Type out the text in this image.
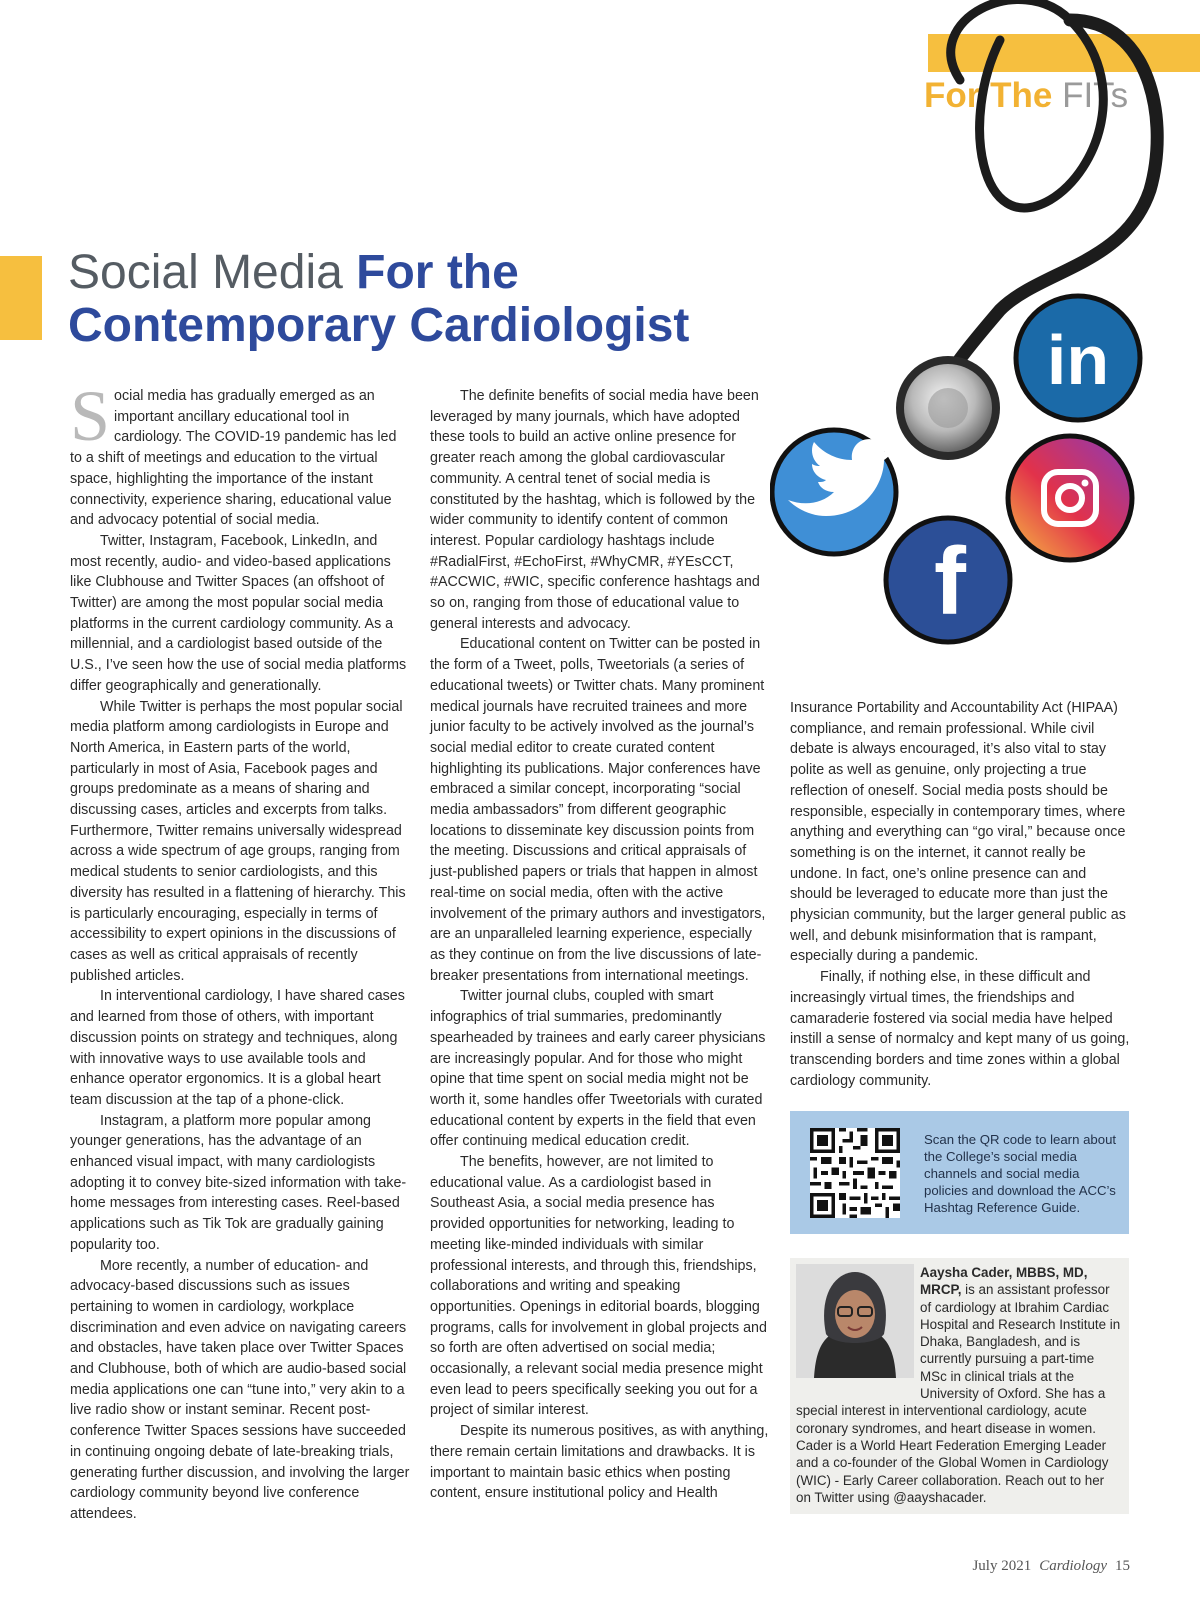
For The FITs
in
f
Social Media For the
Contemporary Cardiologist

Social media has gradually emerged as an important ancillary educational tool in cardiology. The COVID-19 pandemic has led to a shift of meetings and education to the virtual space, highlighting the importance of the instant connectivity, experience sharing, educational value and advocacy potential of social media.

Twitter, Instagram, Facebook, LinkedIn, and most recently, audio- and video-based applications like Clubhouse and Twitter Spaces (an offshoot of Twitter) are among the most popular social media platforms in the current cardiology community. As a millennial, and a cardiologist based outside of the U.S., I’ve seen how the use of social media platforms differ geographically and generationally.

While Twitter is perhaps the most popular social media platform among cardiologists in Europe and North America, in Eastern parts of the world, particularly in most of Asia, Facebook pages and groups predominate as a means of sharing and discussing cases, articles and excerpts from talks. Furthermore, Twitter remains universally widespread across a wide spectrum of age groups, ranging from medical students to senior cardiologists, and this diversity has resulted in a flattening of hierarchy. This is particularly encouraging, especially in terms of accessibility to expert opinions in the discussions of cases as well as critical appraisals of recently published articles.

In interventional cardiology, I have shared cases and learned from those of others, with important discussion points on strategy and techniques, along with innovative ways to use available tools and enhance operator ergonomics. It is a global heart team discussion at the tap of a phone-click.

Instagram, a platform more popular among younger generations, has the advantage of an enhanced visual impact, with many cardiologists adopting it to convey bite-sized information with take-home messages from interesting cases. Reel-based applications such as Tik Tok are gradually gaining popularity too.

More recently, a number of education- and advocacy-based discussions such as issues pertaining to women in cardiology, workplace discrimination and even advice on navigating careers and obstacles, have taken place over Twitter Spaces and Clubhouse, both of which are audio-based social media applications one can “tune into,” very akin to a live radio show or instant seminar. Recent post-conference Twitter Spaces sessions have succeeded in continuing ongoing debate of late-breaking trials, generating further discussion, and involving the larger cardiology community beyond live conference attendees.

The definite benefits of social media have been leveraged by many journals, which have adopted these tools to build an active online presence for greater reach among the global cardiovascular community. A central tenet of social media is constituted by the hashtag, which is followed by the wider community to identify content of common interest. Popular cardiology hashtags include #RadialFirst, #EchoFirst, #WhyCMR, #YEsCCT, #ACCWIC, #WIC, specific conference hashtags and so on, ranging from those of educational value to general interests and advocacy.

Educational content on Twitter can be posted in the form of a Tweet, polls, Tweetorials (a series of educational tweets) or Twitter chats. Many prominent medical journals have recruited trainees and more junior faculty to be actively involved as the journal’s social medial editor to create curated content highlighting its publications. Major conferences have embraced a similar concept, incorporating “social media ambassadors” from different geographic locations to disseminate key discussion points from the meeting. Discussions and critical appraisals of just-published papers or trials that happen in almost real-time on social media, often with the active involvement of the primary authors and investigators, are an unparalleled learning experience, especially as they continue on from the live discussions of late-breaker presentations from international meetings.

Twitter journal clubs, coupled with smart infographics of trial summaries, predominantly spearheaded by trainees and early career physicians are increasingly popular. And for those who might opine that time spent on social media might not be worth it, some handles offer Tweetorials with curated educational content by experts in the field that even offer continuing medical education credit.

The benefits, however, are not limited to educational value. As a cardiologist based in Southeast Asia, a social media presence has provided opportunities for networking, leading to meeting like-minded individuals with similar professional interests, and through this, friendships, collaborations and writing and speaking opportunities. Openings in editorial boards, blogging programs, calls for involvement in global projects and so forth are often advertised on social media; occasionally, a relevant social media presence might even lead to peers specifically seeking you out for a project of similar interest.

Despite its numerous positives, as with anything, there remain certain limitations and drawbacks. It is important to maintain basic ethics when posting content, ensure institutional policy and Health

Insurance Portability and Accountability Act (HIPAA) compliance, and remain professional. While civil debate is always encouraged, it’s also vital to stay polite as well as genuine, only projecting a true reflection of oneself. Social media posts should be responsible, especially in contemporary times, where anything and everything can “go viral,” because once something is on the internet, it cannot really be undone. In fact, one’s online presence can and should be leveraged to educate more than just the physician community, but the larger general public as well, and debunk misinformation that is rampant, especially during a pandemic.

Finally, if nothing else, in these difficult and increasingly virtual times, the friendships and camaraderie fostered via social media have helped instill a sense of normalcy and kept many of us going, transcending borders and time zones within a global cardiology community.

Scan the QR code to learn about the College’s social media channels and social media policies and download the ACC’s Hashtag Reference Guide.
Aaysha Cader, MBBS, MD, MRCP, is an assistant professor of cardiology at Ibrahim Cardiac Hospital and Research Institute in Dhaka, Bangladesh, and is currently pursuing a part-time MSc in clinical trials at the University of Oxford. She has a special interest in interventional cardiology, acute coronary syndromes, and heart disease in women. Cader is a World Heart Federation Emerging Leader and a co-founder of the Global Women in Cardiology (WIC) - Early Career collaboration. Reach out to her on Twitter using @aayshacader.
July 2021 Cardiology 15
